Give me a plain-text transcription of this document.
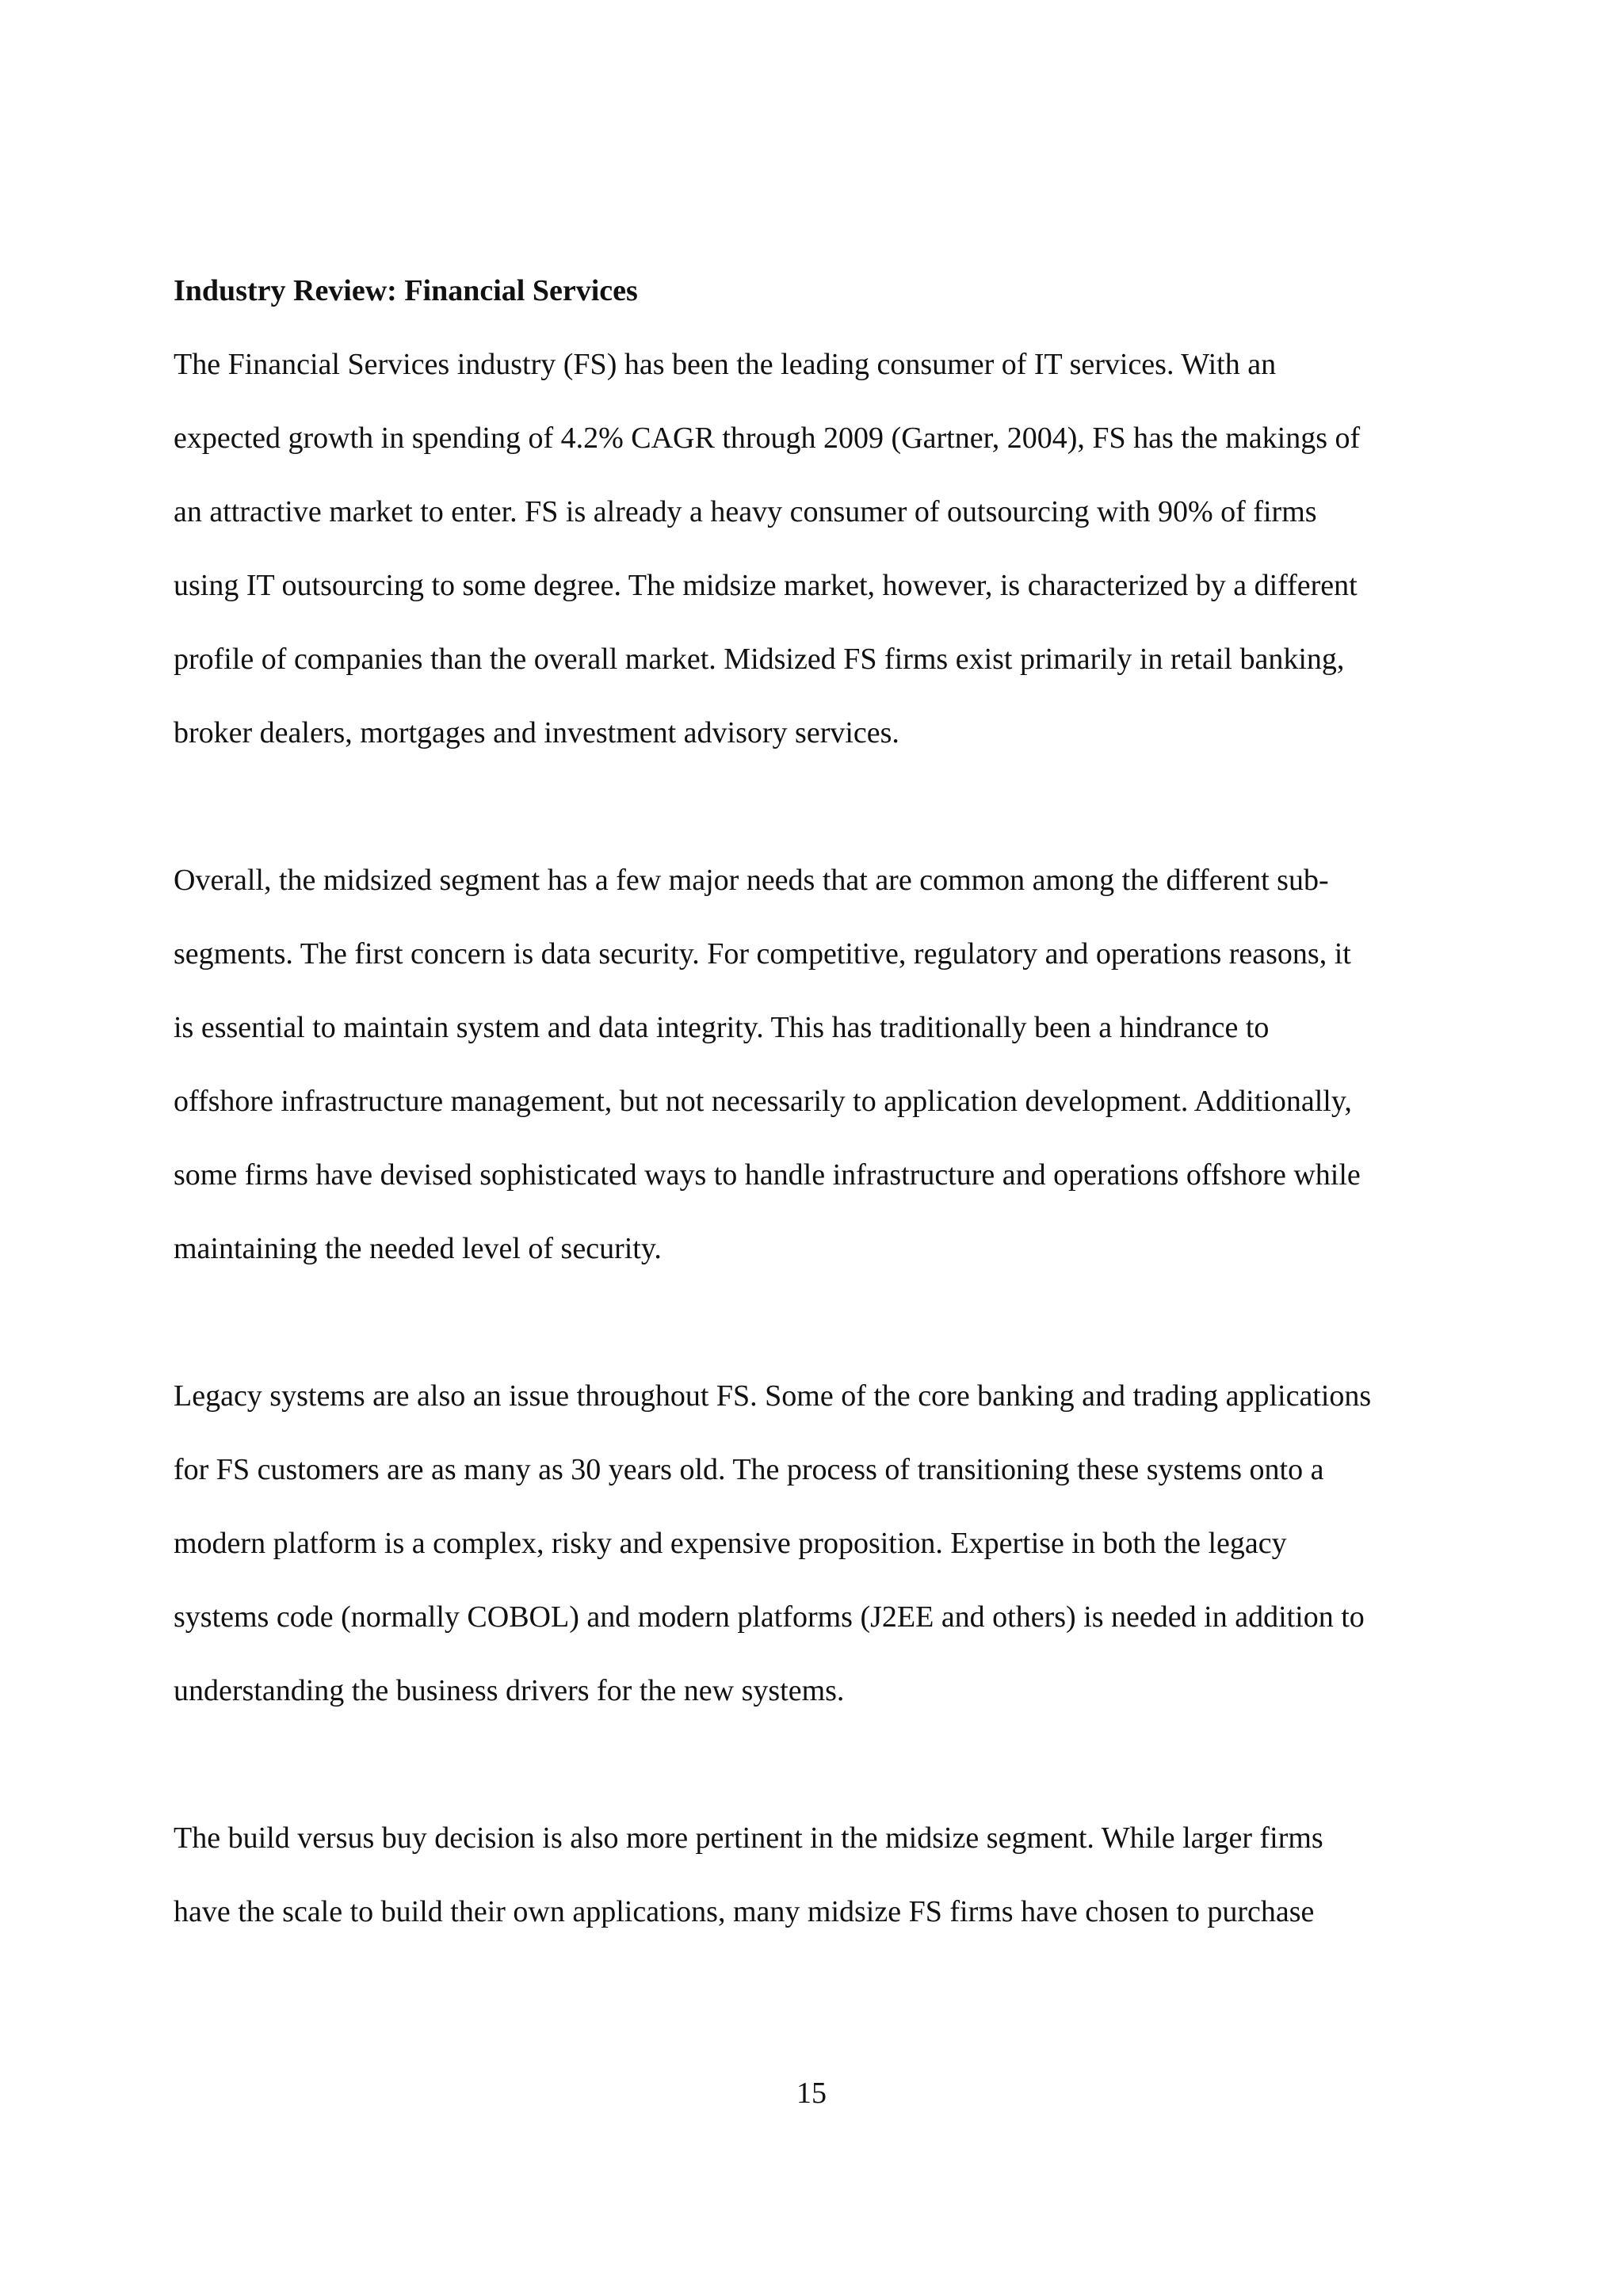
Industry Review: Financial Services
The Financial Services industry (FS) has been the leading consumer of IT services. With an
expected growth in spending of 4.2% CAGR through 2009 (Gartner, 2004), FS has the makings of
an attractive market to enter. FS is already a heavy consumer of outsourcing with 90% of firms
using IT outsourcing to some degree. The midsize market, however, is characterized by a different
profile of companies than the overall market. Midsized FS firms exist primarily in retail banking,
broker dealers, mortgages and investment advisory services.
Overall, the midsized segment has a few major needs that are common among the different sub-
segments. The first concern is data security. For competitive, regulatory and operations reasons, it
is essential to maintain system and data integrity. This has traditionally been a hindrance to
offshore infrastructure management, but not necessarily to application development. Additionally,
some firms have devised sophisticated ways to handle infrastructure and operations offshore while
maintaining the needed level of security.
Legacy systems are also an issue throughout FS. Some of the core banking and trading applications
for FS customers are as many as 30 years old. The process of transitioning these systems onto a
modern platform is a complex, risky and expensive proposition. Expertise in both the legacy
systems code (normally COBOL) and modern platforms (J2EE and others) is needed in addition to
understanding the business drivers for the new systems.
The build versus buy decision is also more pertinent in the midsize segment. While larger firms
have the scale to build their own applications, many midsize FS firms have chosen to purchase
15
